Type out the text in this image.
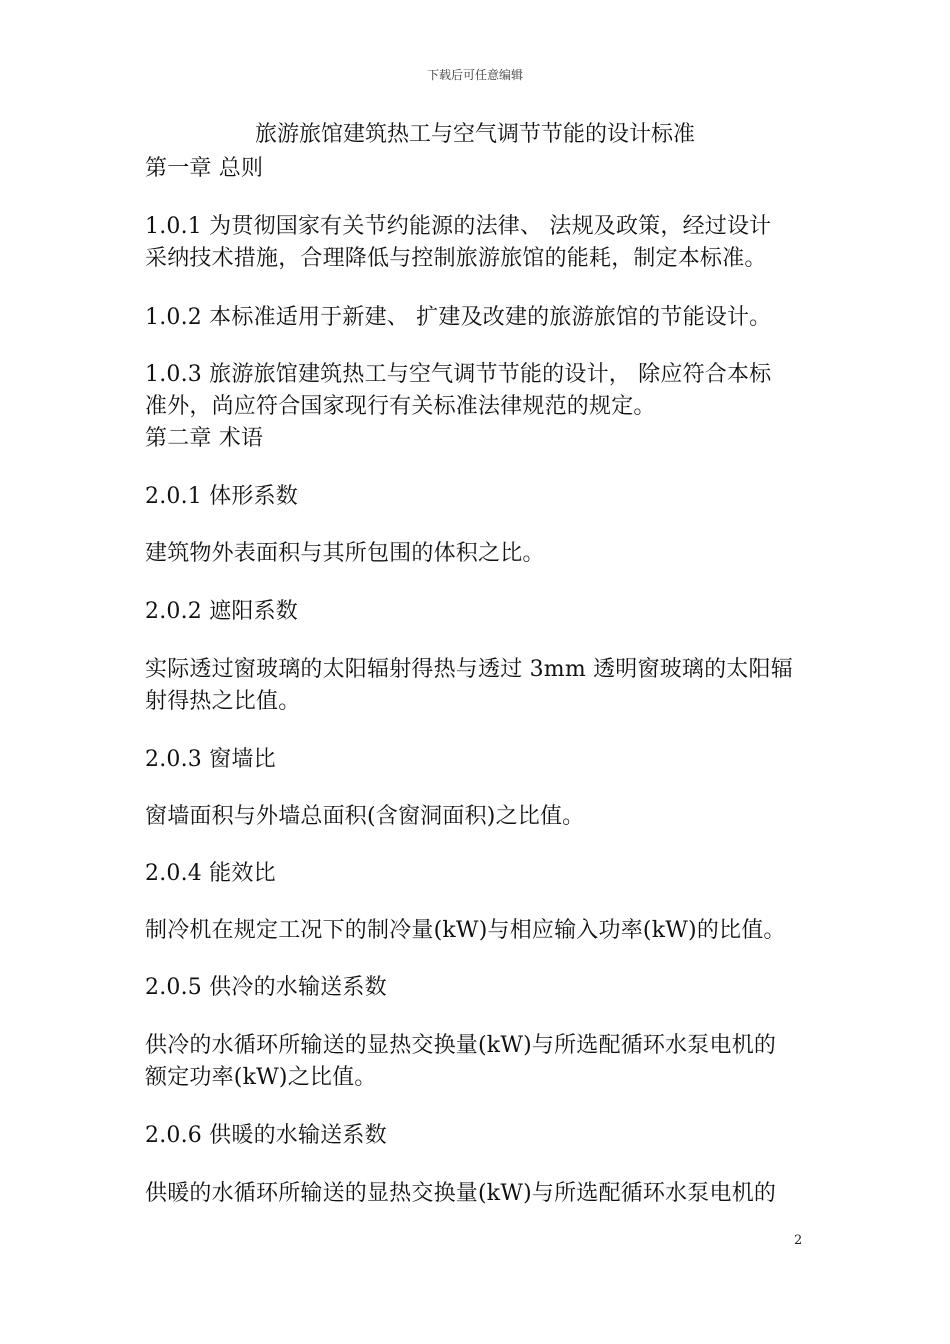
下载后可任意编辑
旅游旅馆建筑热工与空气调节节能的设计标准
第一章 总则
1.0.1 为贯彻国家有关节约能源的法律、 法规及政策，经过设计
采纳技术措施，合理降低与控制旅游旅馆的能耗，制定本标准。
1.0.2 本标准适用于新建、 扩建及改建的旅游旅馆的节能设计。
1.0.3 旅游旅馆建筑热工与空气调节节能的设计， 除应符合本标
准外，尚应符合国家现行有关标准法律规范的规定。
第二章 术语
2.0.1 体形系数
建筑物外表面积与其所包围的体积之比。
2.0.2 遮阳系数
实际透过窗玻璃的太阳辐射得热与透过 3mm 透明窗玻璃的太阳辐
射得热之比值。
2.0.3 窗墙比
窗墙面积与外墙总面积(含窗洞面积)之比值。
2.0.4 能效比
制冷机在规定工况下的制冷量(kW)与相应输入功率(kW)的比值。
2.0.5 供冷的水输送系数
供冷的水循环所输送的显热交换量(kW)与所选配循环水泵电机的
额定功率(kW)之比值。
2.0.6 供暖的水输送系数
供暖的水循环所输送的显热交换量(kW)与所选配循环水泵电机的
2
